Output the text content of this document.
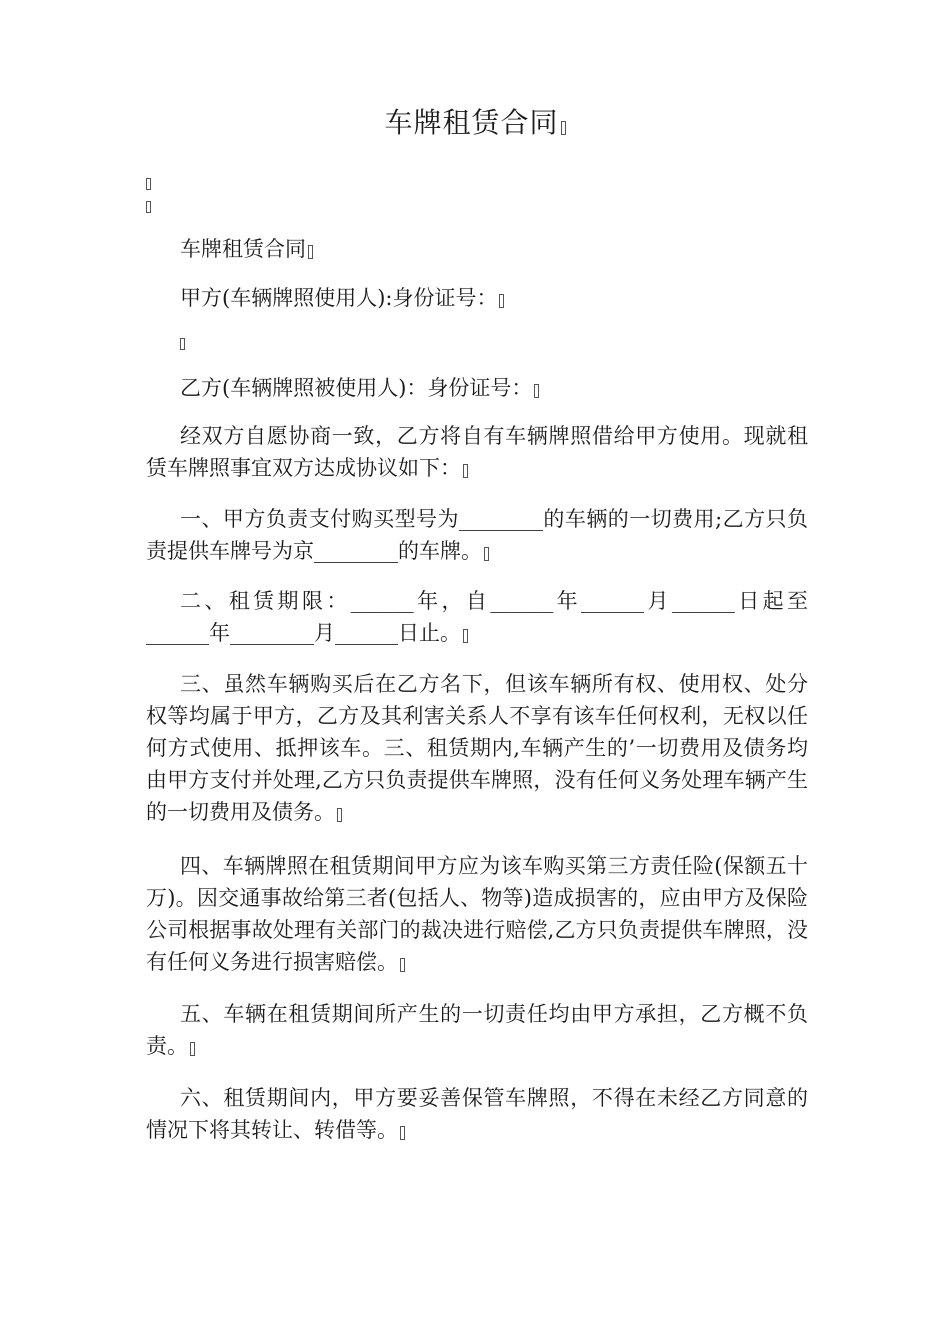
车牌租赁合同
车牌租赁合同
甲方(车辆牌照使用人):身份证号：
乙方(车辆牌照被使用人)：身份证号：
经双方自愿协商一致，乙方将自有车辆牌照借给甲方使用。现就租赁车牌照事宜双方达成协议如下：
一、甲方负责支付购买型号为________的车辆的一切费用;乙方只负责提供车牌号为京________的车牌。
二、租赁期限：______年，自______年______月______日起至______年________月______日止。
三、虽然车辆购买后在乙方名下，但该车辆所有权、使用权、处分权等均属于甲方，乙方及其利害关系人不享有该车任何权利，无权以任何方式使用、抵押该车。三、租赁期内,车辆产生的’一切费用及债务均由甲方支付并处理,乙方只负责提供车牌照，没有任何义务处理车辆产生的一切费用及债务。
四、车辆牌照在租赁期间甲方应为该车购买第三方责任险(保额五十万)。因交通事故给第三者(包括人、物等)造成损害的，应由甲方及保险公司根据事故处理有关部门的裁决进行赔偿,乙方只负责提供车牌照，没有任何义务进行损害赔偿。
五、车辆在租赁期间所产生的一切责任均由甲方承担，乙方概不负责。
六、租赁期间内，甲方要妥善保管车牌照，不得在未经乙方同意的情况下将其转让、转借等。
